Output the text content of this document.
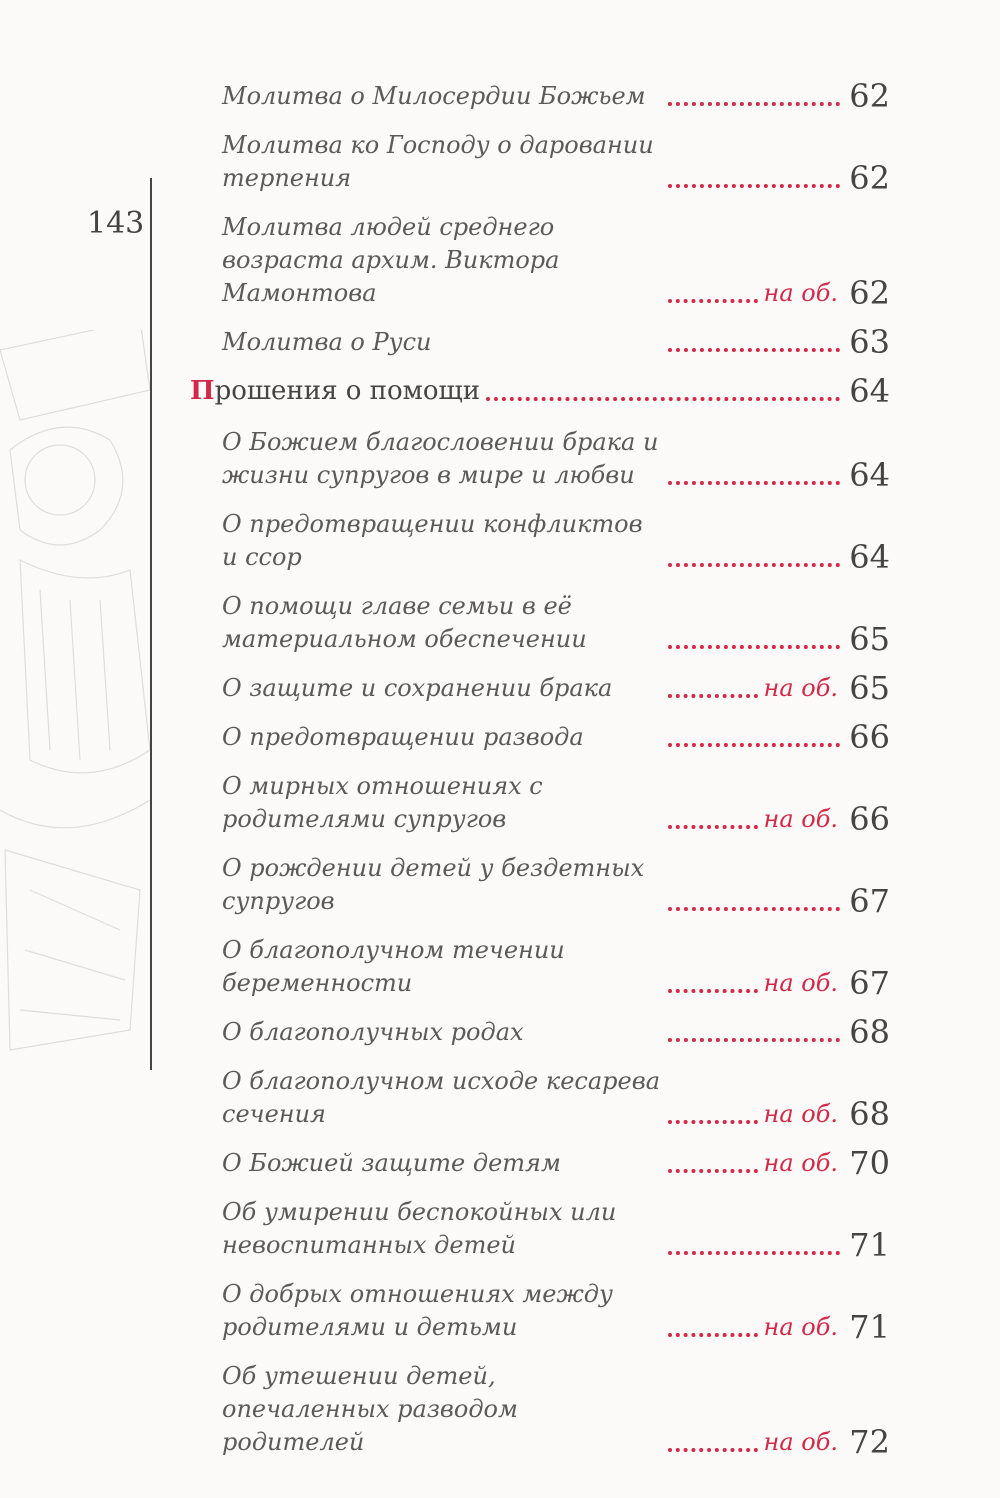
143
Молитва о Милосердии Божьем	62
Молитва ко Господу о даровании терпения	62
Молитва людей среднего возраста архим. Виктора Мамонтова	на об. 62
Молитва о Руси	63
Прошения о помощи	64
О Божием благословении брака и жизни супругов в мире и любви	64
О предотвращении конфликтов и ссор	64
О помощи главе семьи в её материальном обеспечении	65
О защите и сохранении брака	на об. 65
О предотвращении развода	66
О мирных отношениях с родителями супругов	на об. 66
О рождении детей у бездетных супругов	67
О благополучном течении беременности	на об. 67
О благополучных родах	68
О благополучном исходе кесарева сечения	на об. 68
О Божией защите детям	на об. 70
Об умирении беспокойных или невоспитанных детей	71
О добрых отношениях между родителями и детьми	на об. 71
Об утешении детей, опечаленных разводом родителей	на об. 72
